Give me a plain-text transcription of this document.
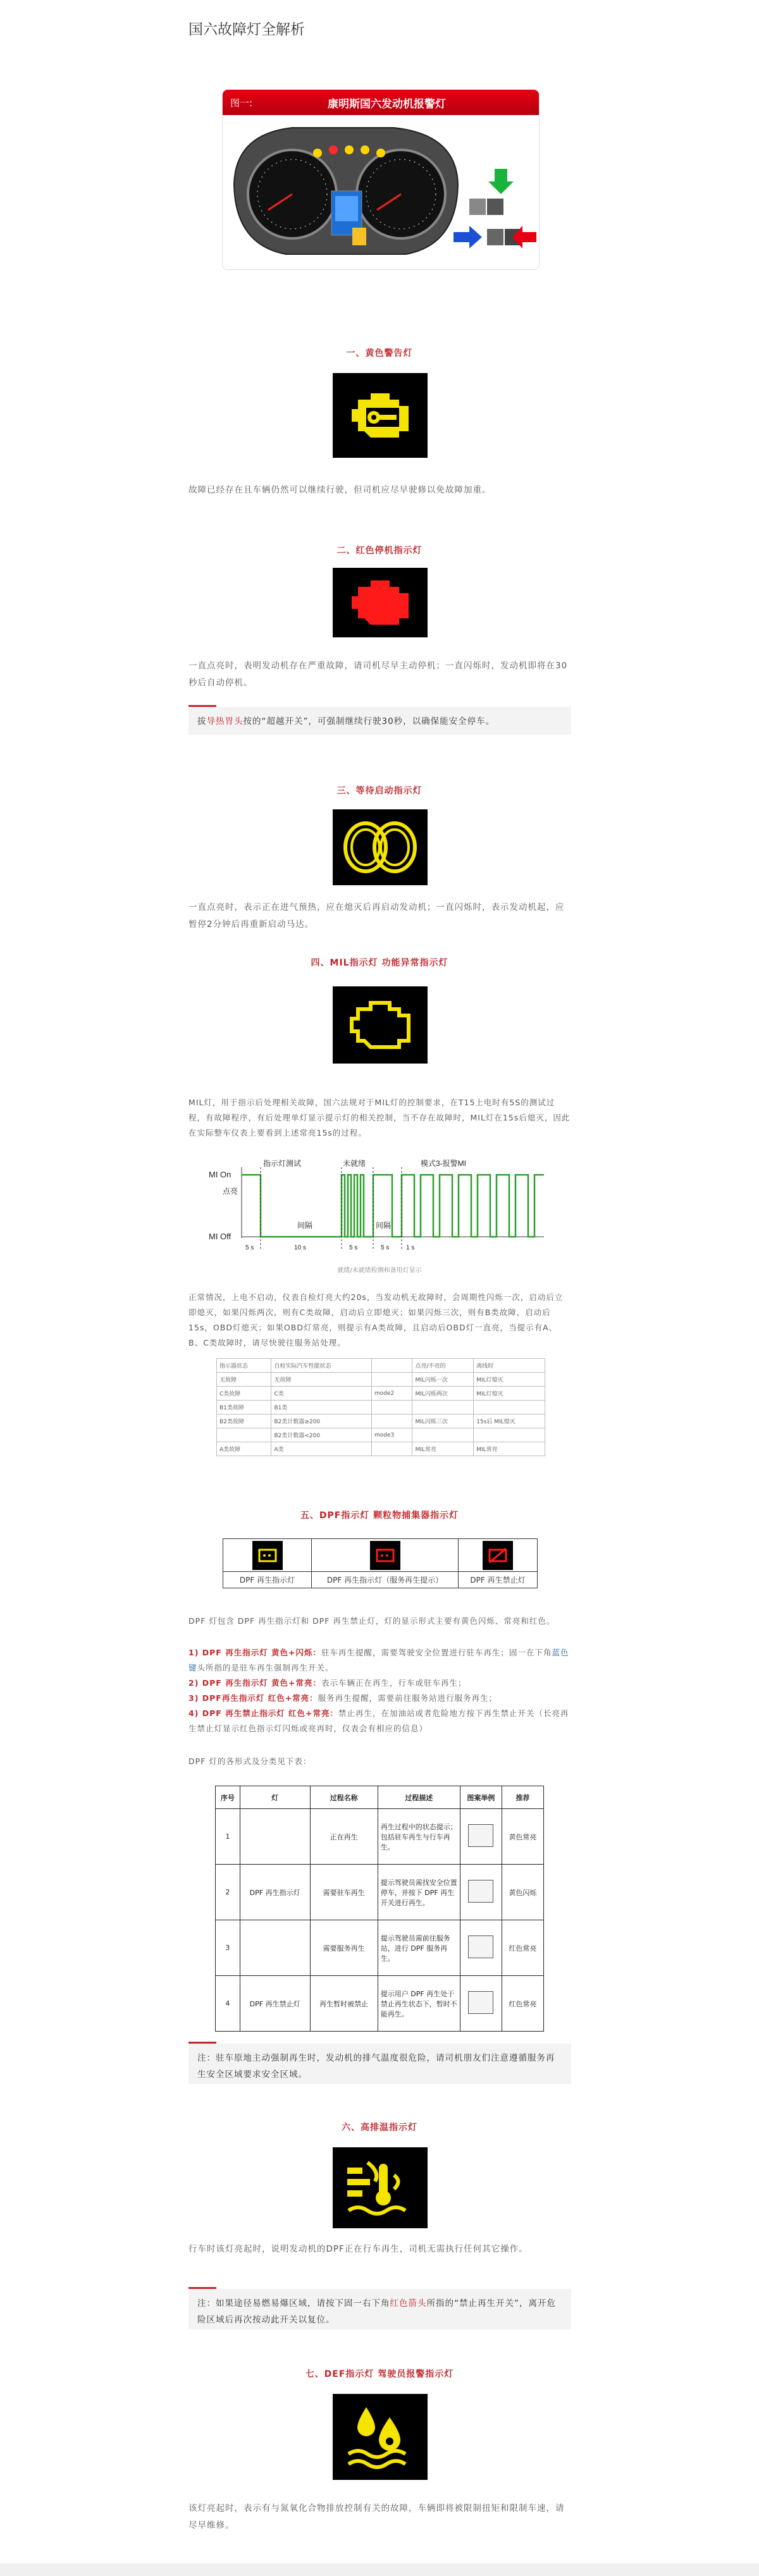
国六故障灯全解析
图一:	康明斯国六发动机报警灯
一、黄色警告灯
故障已经存在且车辆仍然可以继续行驶，但司机应尽早驶修以免故障加重。
二、红色停机指示灯
一直点亮时，表明发动机存在严重故障，请司机尽早主动停机；一直闪烁时，发动机即将在30秒后自动停机。
拔导热胃头按的“超越开关”，可强制继续行驶30秒，以确保能安全停车。
三、等待启动指示灯
一直点亮时，表示正在进气预热，应在熄灭后再启动发动机；一直闪烁时，表示发动机起，应暂停2分钟后再重新启动马达。
四、MIL指示灯 功能异常指示灯
MIL灯，用于指示后处理相关故障，国六法规对于MIL灯的控制要求，在T15上电时有5S的测试过程，有故障程序，有后处理单灯显示提示灯的相关控制，当不存在故障时，MIL灯在15s后熄灭，因此在实际整车仪表上要看到上述常亮15s的过程。
MI On
点亮
指示灯测试	未就绪	模式3-报警MI
MI Off
间隔	间隔
5 s	10 s	5 s	5 s	1 s
就绪/未就绪检测和备用灯显示
正常情况，上电不启动，仪表自检灯亮大约20s，当发动机无故障时，会周期性闪烁一次，启动后立即熄灭，如果闪烁两次，则有C类故障，启动后立即熄灭；如果闪烁三次，则有B类故障，启动后15s，OBD灯熄灭；如果OBD灯常亮，则提示有A类故障，且启动后OBD灯一直亮，当提示有A、B、C类故障时，请尽快驶往服务站处理。
指示器状态	自检实际汽车性能状态		点亮/不亮的	离线时
无故障	无故障		MIL闪烁一次	MIL灯熄灭
C类故障	C类	mode2	MIL闪烁两次	MIL灯熄灭
B1类故障	B1类			
B2类故障	B2类计数器≥200		MIL闪烁三次	15s后 MIL熄灭
	B2类计数器<200	mode3		
A类故障	A类		MIL常亮	MIL常亮
五、DPF指示灯 颗粒物捕集器指示灯
DPF 再生指示灯	DPF 再生指示灯（服务再生提示）	DPF 再生禁止灯
DPF 灯包含 DPF 再生指示灯和 DPF 再生禁止灯，灯的显示形式主要有黄色闪烁、常亮和红色。
1) DPF 再生指示灯 黄色+闪烁：驻车再生提醒，需要驾驶安全位置进行驻车再生；固一在下角蓝色键头所指的是驻车再生强制再生开关。
2) DPF 再生指示灯 黄色+常亮：表示车辆正在再生，行车或驻车再生；
3) DPF再生指示灯 红色+常亮：服务再生提醒，需要前往服务站进行服务再生；
4) DPF 再生禁止指示灯 红色+常亮：禁止再生，在加油站或者危险地方按下再生禁止开关（长亮再生禁止灯显示红色指示灯闪烁或亮再时，仪表会有相应的信息）
DPF 灯的各形式及分类见下表：
序号	灯	过程名称	过程描述	图案举例	推荐
1		正在再生	再生过程中的状态提示；包括驻车再生与行车再生。		黄色常亮
2	DPF 再生指示灯	需要驻车再生	提示驾驶员需找安全位置停车，并按下 DPF 再生开关进行再生。		黄色闪烁
3		需要服务再生	提示驾驶员需前往服务站，进行 DPF 服务再生。		红色常亮
4	DPF 再生禁止灯	再生暂时被禁止	提示用户 DPF 再生处于禁止再生状态下，暂时不能再生。		红色常亮
注：驻车原地主动强制再生时，发动机的排气温度很危险，请司机朋友们注意遵循服务再生安全区域要求安全区域。
六、高排温指示灯
行车时该灯亮起时，说明发动机的DPF正在行车再生，司机无需执行任何其它操作。
注：如果途径易燃易爆区域，请按下固一右下角红色箭头所指的“禁止再生开关”，离开危险区域后再次按动此开关以复位。
七、DEF指示灯 驾驶员报警指示灯
该灯亮起时，表示有与氮氧化合物排放控制有关的故障，车辆即将被限制扭矩和限制车速，请尽早维修。
